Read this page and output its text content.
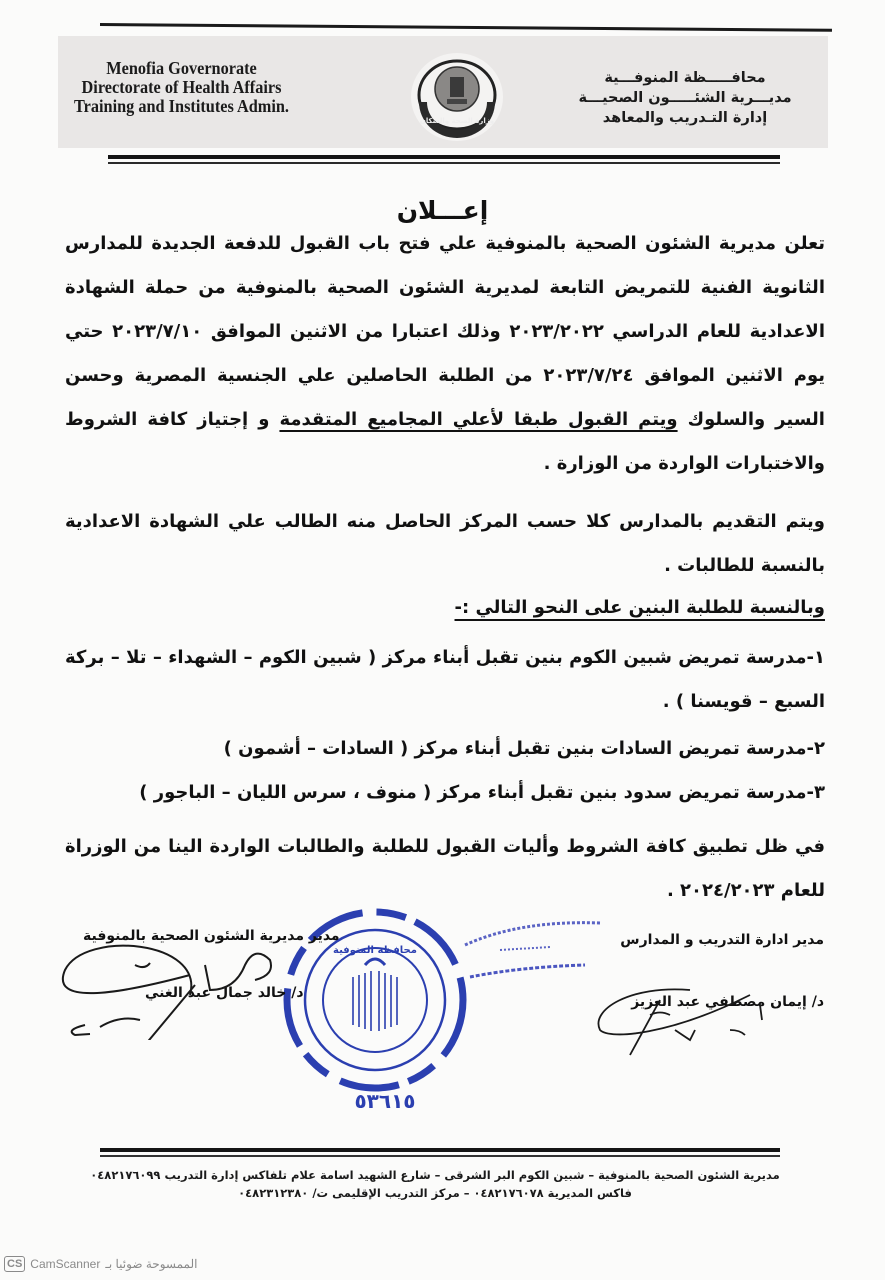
Menofia Governorate
Directorate of Health Affairs
Training and Institutes Admin.
وزارة الصحة والسكان
محافـــــظة المنوفـــية
مديـــرية الشئـــــون الصحيـــة
إدارة التـدريب والمعاهد
إعـــلان
تعلن مديرية الشئون الصحية بالمنوفية علي فتح باب القبول للدفعة الجديدة للمدارس الثانوية الفنية للتمريض التابعة لمديرية الشئون الصحية بالمنوفية من حملة الشهادة الاعدادية للعام الدراسي ٢٠٢٣/٢٠٢٢ وذلك اعتبارا من الاثنين الموافق ٢٠٢٣/٧/١٠ حتي يوم الاثنين الموافق ٢٠٢٣/٧/٢٤ من الطلبة الحاصلين علي الجنسية المصرية وحسن السير والسلوك ويتم القبول طبقا لأعلي المجاميع المتقدمة و إجتياز كافة الشروط والاختبارات الواردة من الوزارة .
ويتم التقديم بالمدارس كلا حسب المركز الحاصل منه الطالب علي الشهادة الاعدادية بالنسبة للطالبات .
وبالنسبة للطلبة البنين على النحو التالي :-
١-مدرسة تمريض شبين الكوم بنين تقبل أبناء مركز ( شبين الكوم – الشهداء – تلا – بركة السبع – قويسنا ) .
٢-مدرسة تمريض السادات بنين تقبل أبناء مركز ( السادات – أشمون )
٣-مدرسة تمريض سدود بنين تقبل أبناء مركز ( منوف ، سرس الليان – الباجور )
في ظل تطبيق كافة الشروط وأليات القبول للطلبة والطالبات الواردة الينا من الوزراة للعام ٢٠٢٤/٢٠٢٣ .
محافظة المنوفية
٥٣٦١٥
مدير مديرية الشئون الصحية بالمنوفية
د/ خالد جمال عبد الغني
مدير ادارة التدريب و المدارس
د/ إيمان مصطفي عبد العزيز
مديرية الشئون الصحية بالمنوفية – شبين الكوم البر الشرقى – شارع الشهيد اسامة علام تلفاكس إدارة التدريب ٠٤٨٢١٧٦٠٩٩
فاكس المديرية ٠٤٨٢١٧٦٠٧٨ – مركز التدريب الإقليمى ت/ ٠٤٨٢٣١٢٣٨٠
CS CamScanner الممسوحة ضوئيا بـ
